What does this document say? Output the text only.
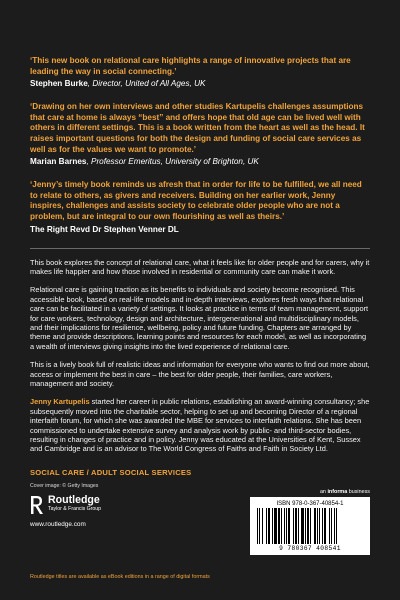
‘This new book on relational care highlights a range of innovative projects that are leading the way in social connecting.’

Stephen Burke, Director, United of All Ages, UK

‘Drawing on her own interviews and other studies Kartupelis challenges assumptions that care at home is always “best” and offers hope that old age can be lived well with others in different settings. This is a book written from the heart as well as the head. It raises important questions for both the design and funding of social care services as well as for the values we want to promote.’

Marian Barnes, Professor Emeritus, University of Brighton, UK

‘Jenny’s timely book reminds us afresh that in order for life to be fulfilled, we all need to relate to others, as givers and receivers. Building on her earlier work, Jenny inspires, challenges and assists society to celebrate older people who are not a problem, but are integral to our own flourishing as well as theirs.’

The Right Revd Dr Stephen Venner DL

This book explores the concept of relational care, what it feels like for older people and for carers, why it makes life happier and how those involved in residential or community care can make it work.

Relational care is gaining traction as its benefits to individuals and society become recognised. This accessible book, based on real-life models and in-depth interviews, explores fresh ways that relational care can be facilitated in a variety of settings. It looks at practice in terms of team management, support for care workers, technology, design and architecture, intergenerational and multidisciplinary models, and their implications for resilience, wellbeing, policy and future funding. Chapters are arranged by theme and provide descriptions, learning points and resources for each model, as well as incorporating a wealth of interviews giving insights into the lived experience of relational care.

This is a lively book full of realistic ideas and information for everyone who wants to find out more about, access or implement the best in care – the best for older people, their families, care workers, management and society.

Jenny Kartupelis started her career in public relations, establishing an award-winning consultancy; she subsequently moved into the charitable sector, helping to set up and becoming Director of a regional interfaith forum, for which she was awarded the MBE for services to interfaith relations. She has been commissioned to undertake extensive survey and analysis work by public- and third-sector bodies, resulting in changes of practice and in policy. Jenny was educated at the Universities of Kent, Sussex and Cambridge and is an advisor to The World Congress of Faiths and Faith in Society Ltd.

SOCIAL CARE / ADULT SOCIAL SERVICES
Cover image: © Getty Images
Routledge
Taylor & Francis Group
www.routledge.com

an informa business

ISBN 978-0-367-40854-1

9 780367 408541
Routledge titles are available as eBook editions in a range of digital formats
